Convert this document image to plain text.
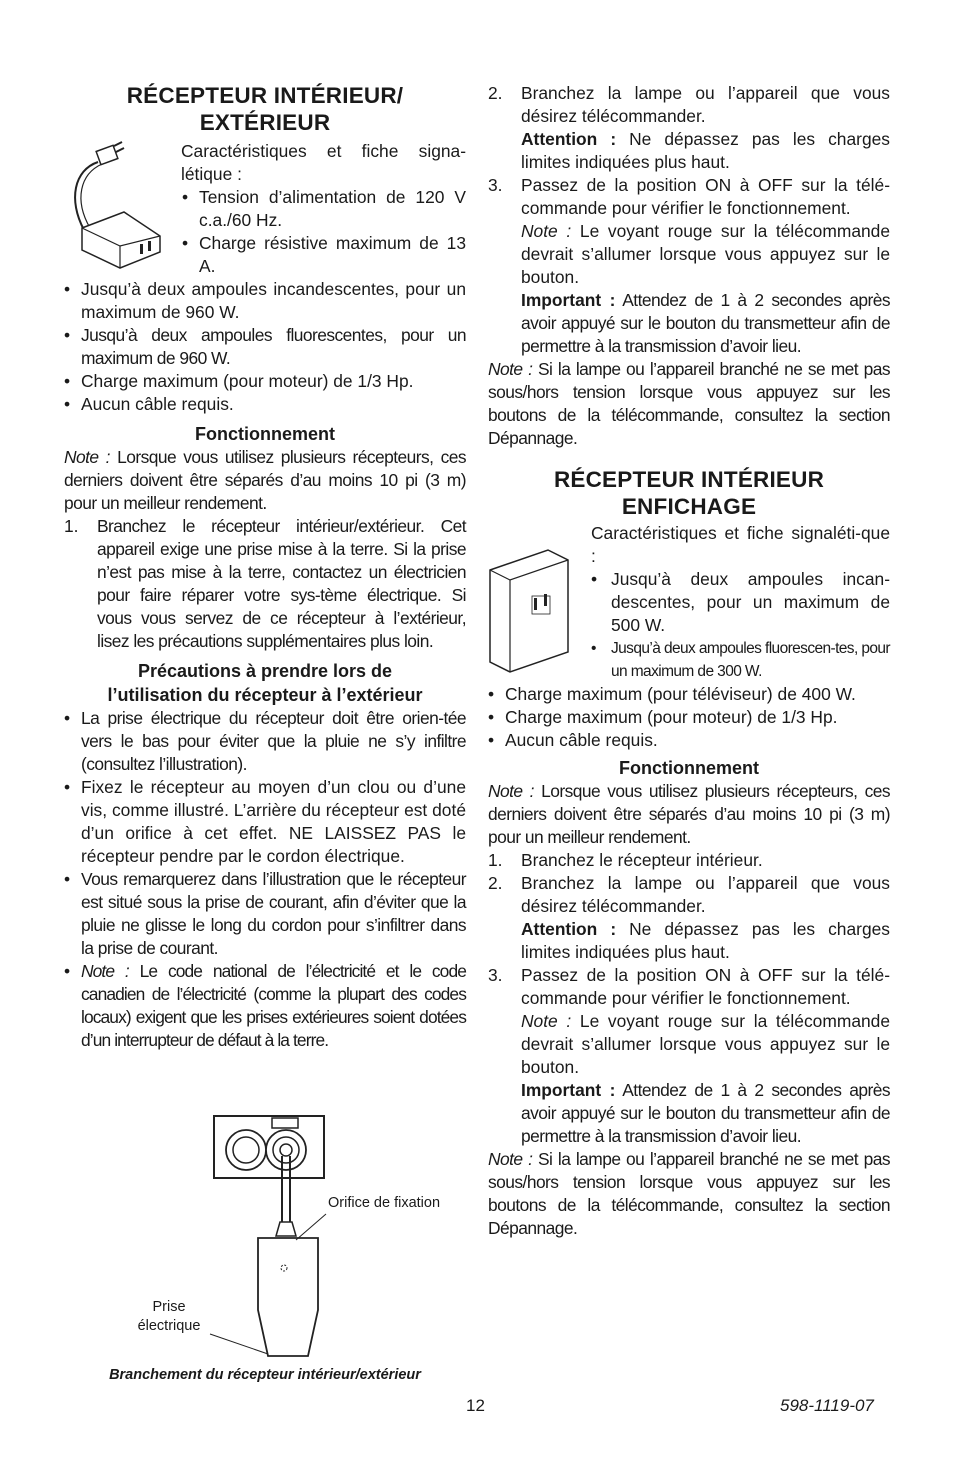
RÉCEPTEUR INTÉRIEUR/
EXTÉRIEUR

Caractéristiques et fiche signa-létique :

• Tension d’alimentation de 120 V c.a./60 Hz.
• Charge résistive maximum de 13 A.
• Jusqu’à deux ampoules incandescentes, pour un maximum de 960 W.
• Jusqu’à deux ampoules fluorescentes, pour un maximum de 960 W.
• Charge maximum (pour moteur) de 1/3 Hp.
• Aucun câble requis.
Fonctionnement

Note : Lorsque vous utilisez plusieurs récepteurs, ces derniers doivent être séparés d’au moins 10 pi (3 m) pour un meilleur rendement.

1. Branchez le récepteur intérieur/extérieur. Cet appareil exige une prise mise à la terre. Si la prise n’est pas mise à la terre, contactez un électricien pour faire réparer votre sys-tème électrique. Si vous vous servez de ce récepteur à l’extérieur, lisez les précautions supplémentaires plus loin.
Précautions à prendre lors de
l’utilisation du récepteur à l’extérieur
• La prise électrique du récepteur doit être orien-tée vers le bas pour éviter que la pluie ne s’y infiltre (consultez l’illustration).
• Fixez le récepteur au moyen d’un clou ou d’une vis, comme illustré. L’arrière du récepteur est doté d’un orifice à cet effet. NE LAISSEZ PAS le récepteur pendre par le cordon électrique.
• Vous remarquerez dans l’illustration que le récepteur est situé sous la prise de courant, afin d’éviter que la pluie ne glisse le long du cordon pour s’infiltrer dans la prise de courant.
• Note : Le code national de l’électricité et le code canadien de l’électricité (comme la plupart des codes locaux) exigent que les prises extérieures soient dotées d’un interrupteur de défaut à la terre.
Orifice de fixation
Prise
électrique
Branchement du récepteur intérieur/extérieur
2. Branchez la lampe ou l’appareil que vous désirez télécommander.
Attention : Ne dépassez pas les charges limites indiquées plus haut.
3. Passez de la position ON à OFF sur la télé-commande pour vérifier le fonctionnement.
Note : Le voyant rouge sur la télécommande devrait s’allumer lorsque vous appuyez sur le bouton.
Important : Attendez de 1 à 2 secondes après avoir appuyé sur le bouton du transmetteur afin de permettre à la transmission d’avoir lieu.

Note : Si la lampe ou l’appareil branché ne se met pas sous/hors tension lorsque vous appuyez sur les boutons de la télécommande, consultez la section Dépannage.

RÉCEPTEUR INTÉRIEUR
ENFICHAGE

Caractéristiques et fiche signaléti-que :

• Jusqu’à deux ampoules incan-descentes, pour un maximum de 500 W.
• Jusqu’à deux ampoules fluorescen-tes, pour un maximum de 300 W.
• Charge maximum (pour téléviseur) de 400 W.
• Charge maximum (pour moteur) de 1/3 Hp.
• Aucun câble requis.
Fonctionnement

Note : Lorsque vous utilisez plusieurs récepteurs, ces derniers doivent être séparés d’au moins 10 pi (3 m) pour un meilleur rendement.

1. Branchez le récepteur intérieur.
2. Branchez la lampe ou l’appareil que vous désirez télécommander.
Attention : Ne dépassez pas les charges limites indiquées plus haut.
3. Passez de la position ON à OFF sur la télé-commande pour vérifier le fonctionnement.
Note : Le voyant rouge sur la télécommande devrait s’allumer lorsque vous appuyez sur le bouton.
Important : Attendez de 1 à 2 secondes après avoir appuyé sur le bouton du transmetteur afin de permettre à la transmission d’avoir lieu.

Note : Si la lampe ou l’appareil branché ne se met pas sous/hors tension lorsque vous appuyez sur les boutons de la télécommande, consultez la section Dépannage.

12	598-1119-07
